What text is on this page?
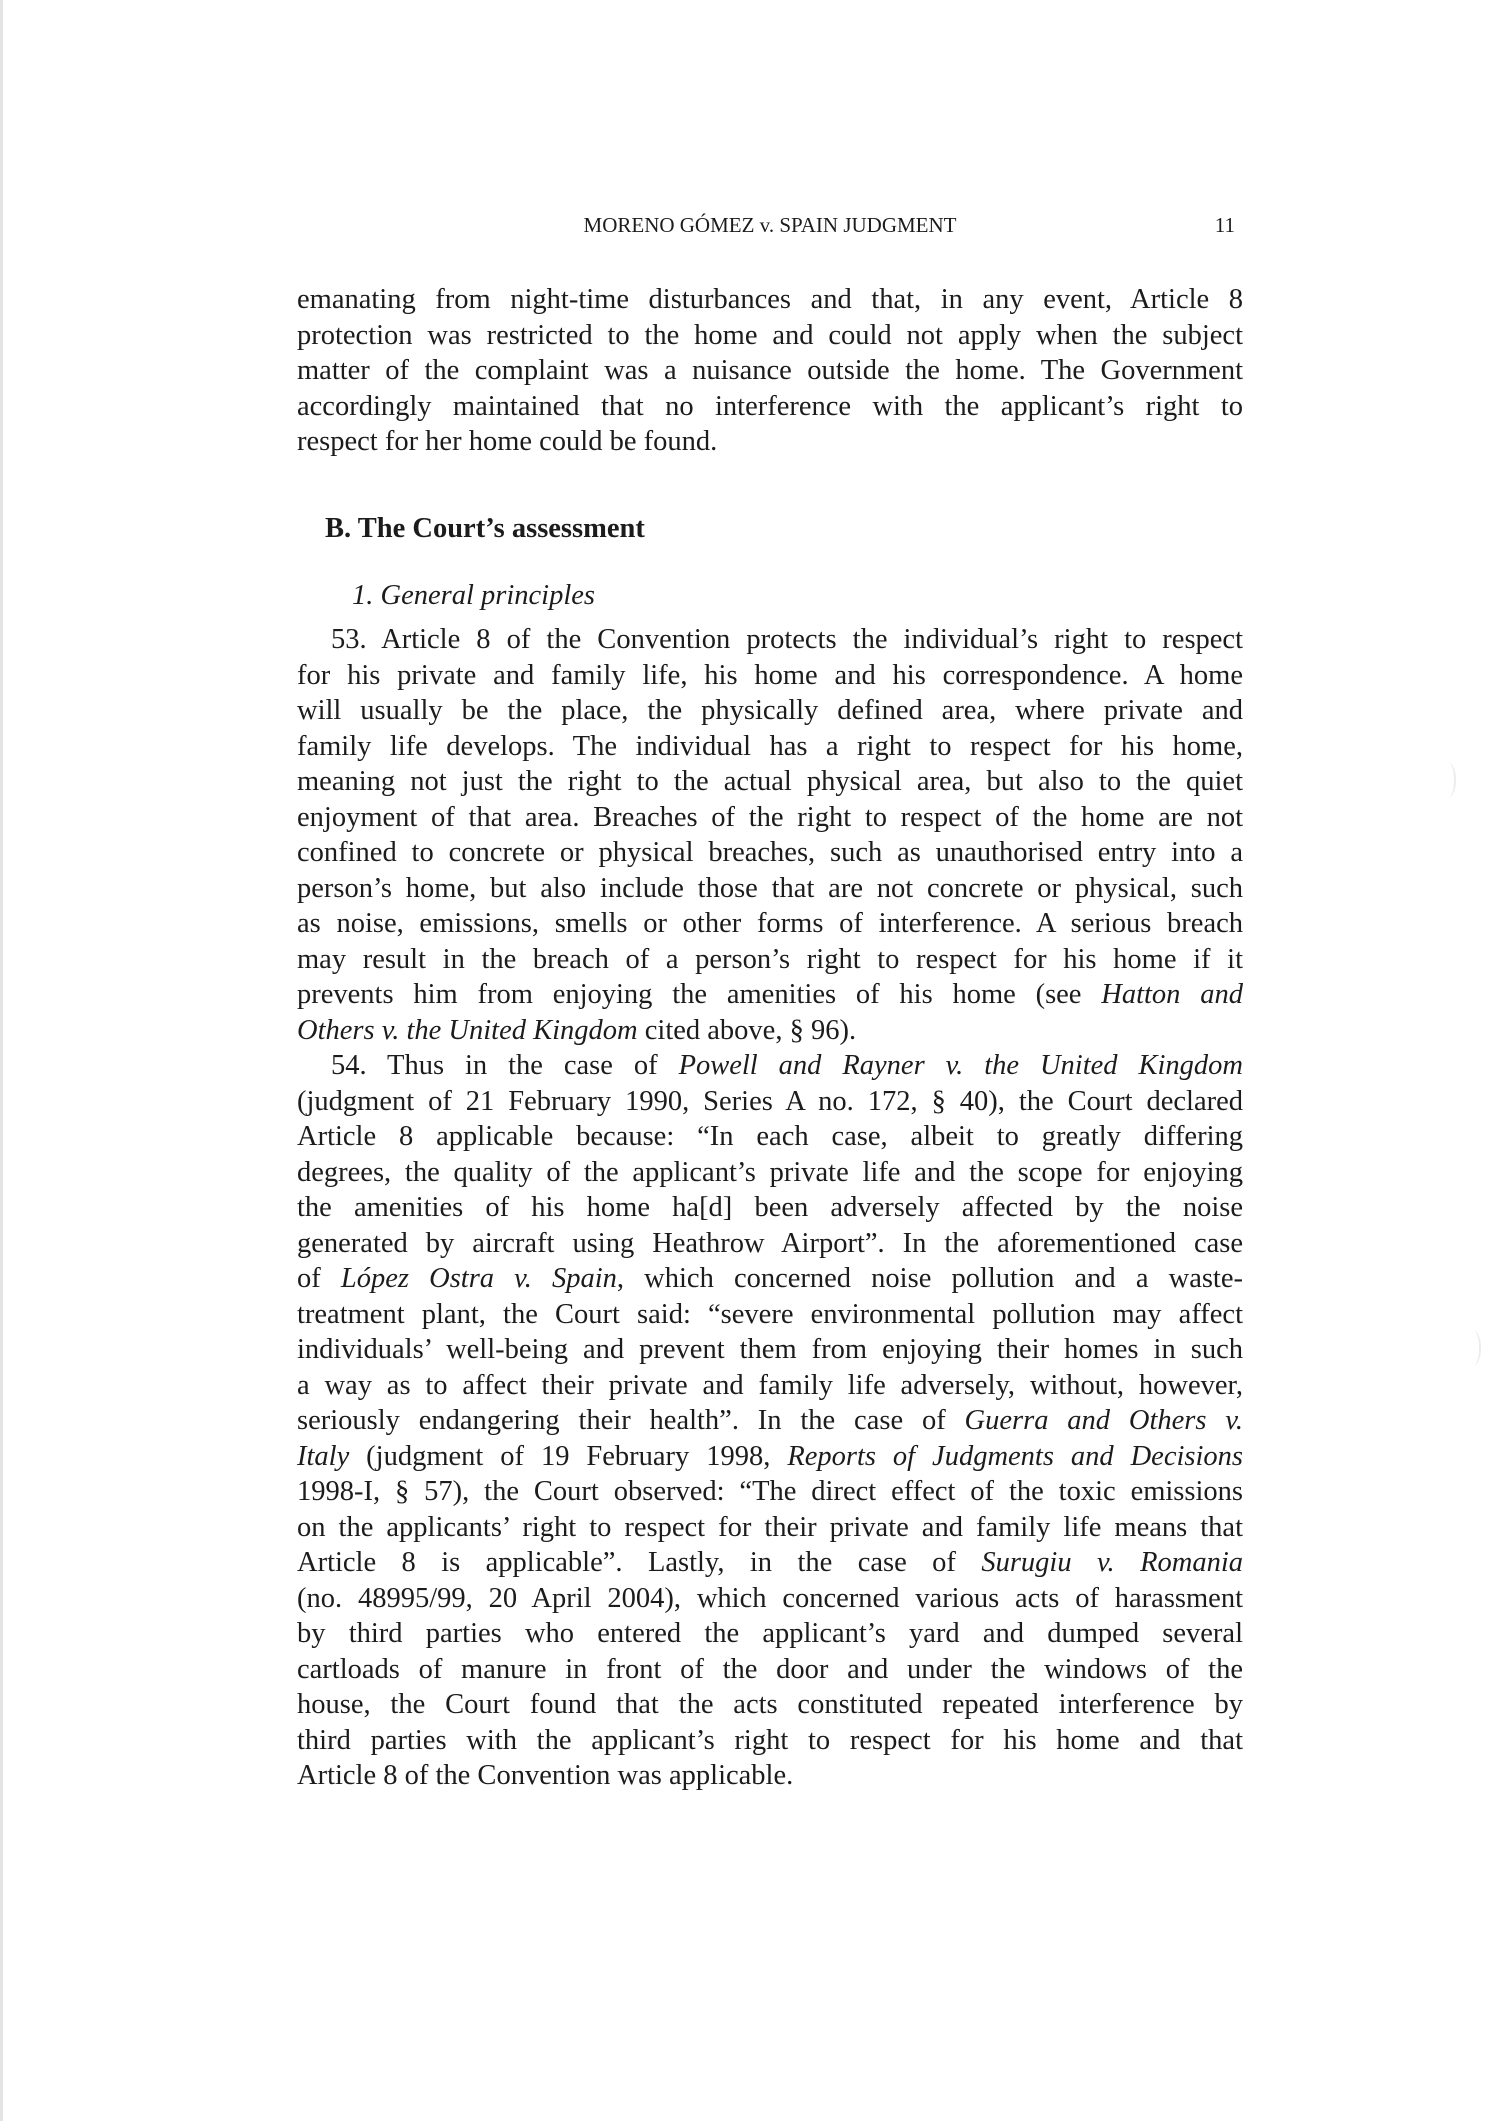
MORENO GÓMEZ v. SPAIN JUDGMENT	11
emanating from night-time disturbances and that, in any event, Article 8
protection was restricted to the home and could not apply when the subject
matter of the complaint was a nuisance outside the home. The Government
accordingly maintained that no interference with the applicant’s right to
respect for her home could be found.
B. The Court’s assessment
1. General principles
53. Article 8 of the Convention protects the individual’s right to respect
for his private and family life, his home and his correspondence. A home
will usually be the place, the physically defined area, where private and
family life develops. The individual has a right to respect for his home,
meaning not just the right to the actual physical area, but also to the quiet
enjoyment of that area. Breaches of the right to respect of the home are not
confined to concrete or physical breaches, such as unauthorised entry into a
person’s home, but also include those that are not concrete or physical, such
as noise, emissions, smells or other forms of interference. A serious breach
may result in the breach of a person’s right to respect for his home if it
prevents him from enjoying the amenities of his home (see Hatton and
Others v. the United Kingdom cited above, § 96).
54. Thus in the case of Powell and Rayner v. the United Kingdom
(judgment of 21 February 1990, Series A no. 172, § 40), the Court declared
Article 8 applicable because: “In each case, albeit to greatly differing
degrees, the quality of the applicant’s private life and the scope for enjoying
the amenities of his home ha[d] been adversely affected by the noise
generated by aircraft using Heathrow Airport”. In the aforementioned case
of López Ostra v. Spain, which concerned noise pollution and a waste-
treatment plant, the Court said: “severe environmental pollution may affect
individuals’ well-being and prevent them from enjoying their homes in such
a way as to affect their private and family life adversely, without, however,
seriously endangering their health”. In the case of Guerra and Others v.
Italy (judgment of 19 February 1998, Reports of Judgments and Decisions
1998-I, § 57), the Court observed: “The direct effect of the toxic emissions
on the applicants’ right to respect for their private and family life means that
Article 8 is applicable”. Lastly, in the case of Surugiu v. Romania
(no. 48995/99, 20 April 2004), which concerned various acts of harassment
by third parties who entered the applicant’s yard and dumped several
cartloads of manure in front of the door and under the windows of the
house, the Court found that the acts constituted repeated interference by
third parties with the applicant’s right to respect for his home and that
Article 8 of the Convention was applicable.
